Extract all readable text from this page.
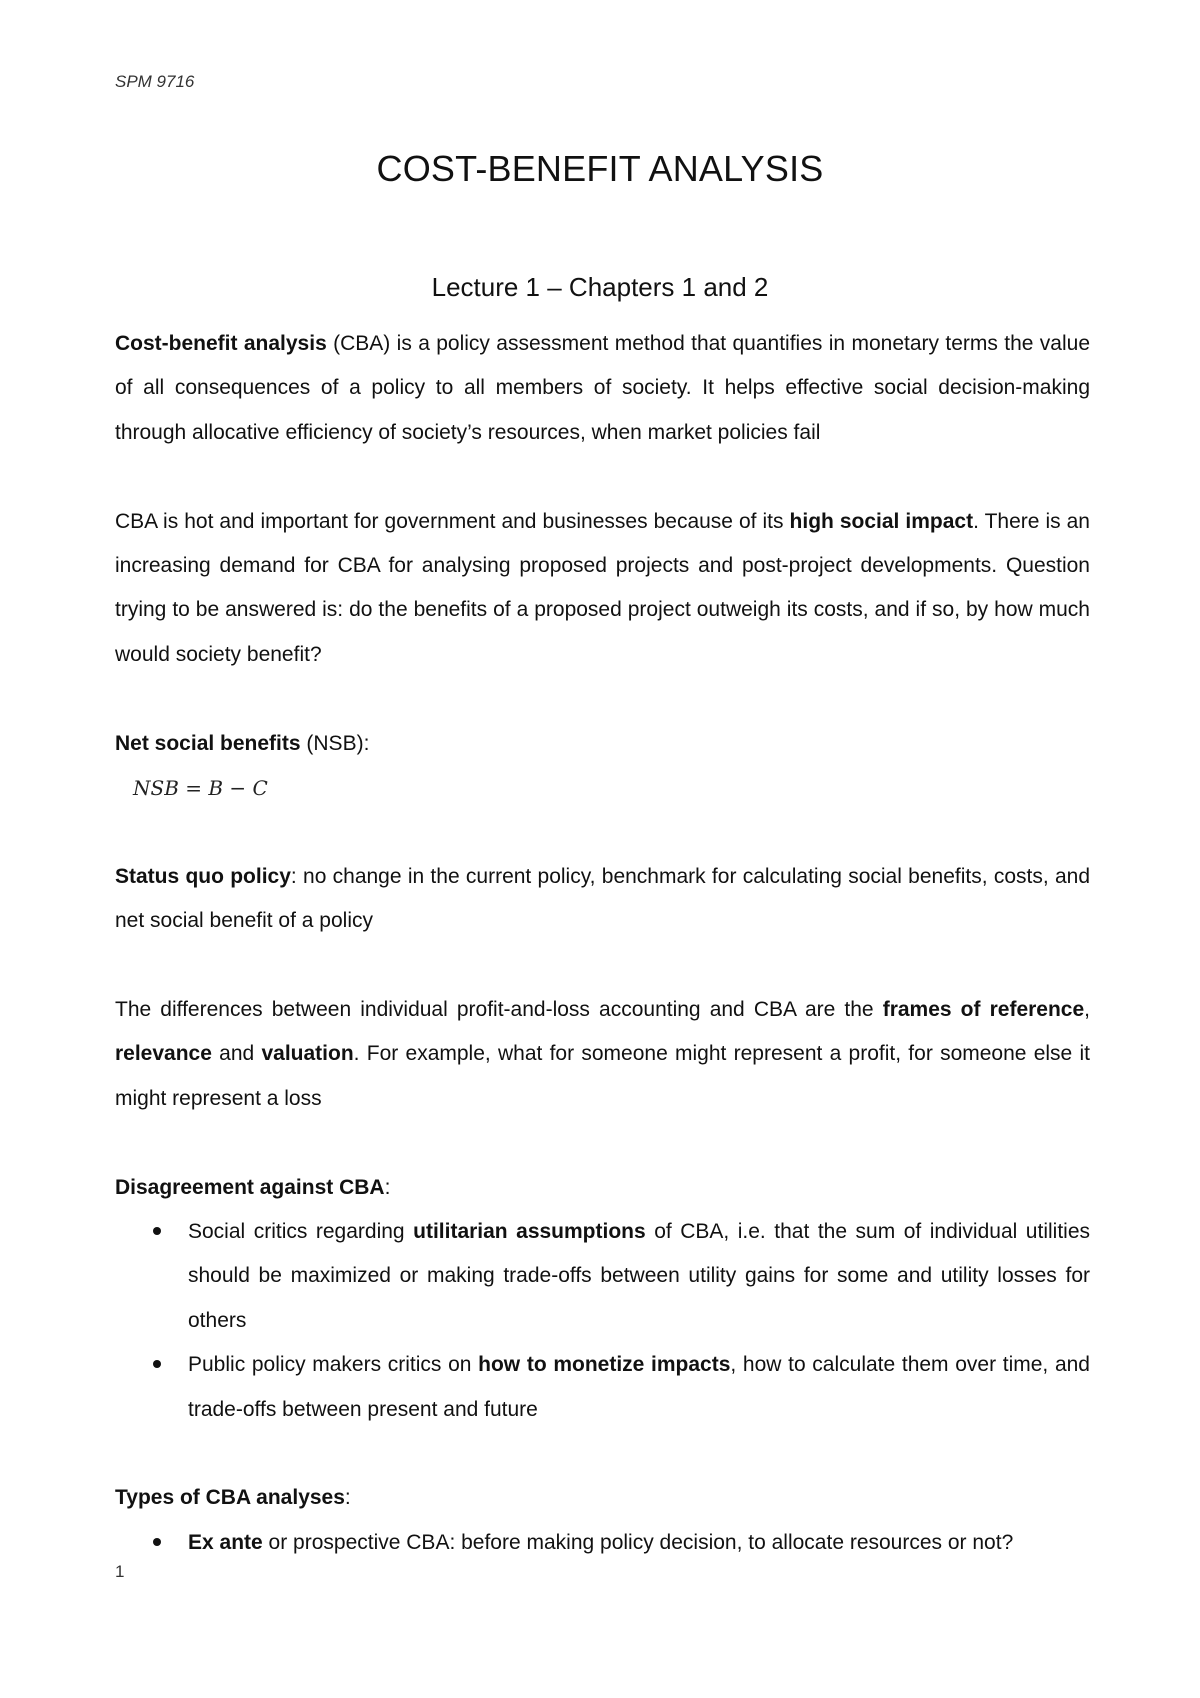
SPM 9716
COST-BENEFIT ANALYSIS
Lecture 1 – Chapters 1 and 2

Cost-benefit analysis (CBA) is a policy assessment method that quantifies in monetary terms the value of all consequences of a policy to all members of society. It helps effective social decision-making through allocative efficiency of society’s resources, when market policies fail

CBA is hot and important for government and businesses because of its high social impact. There is an increasing demand for CBA for analysing proposed projects and post-project developments. Question trying to be answered is: do the benefits of a proposed project outweigh its costs, and if so, by how much would society benefit?

Net social benefits (NSB):

NSB = B − C

Status quo policy: no change in the current policy, benchmark for calculating social benefits, costs, and net social benefit of a policy

The differences between individual profit-and-loss accounting and CBA are the frames of reference, relevance and valuation. For example, what for someone might represent a profit, for someone else it might represent a loss

Disagreement against CBA:

Social critics regarding utilitarian assumptions of CBA, i.e. that the sum of individual utilities should be maximized or making trade-offs between utility gains for some and utility losses for others
Public policy makers critics on how to monetize impacts, how to calculate them over time, and trade-offs between present and future

Types of CBA analyses:

Ex ante or prospective CBA: before making policy decision, to allocate resources or not?
1
